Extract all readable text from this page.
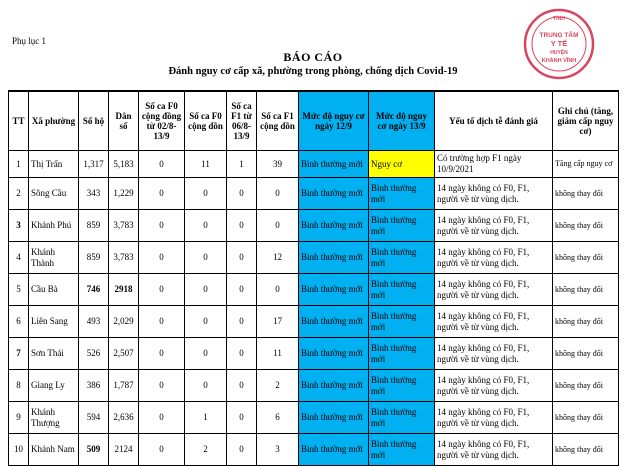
Phụ lục 1
TỈNH
TRUNG TÂM
Y TẾ
HUYỆN
KHÁNH VĨNH
BÁO CÁO
Đánh nguy cơ cấp xã, phường trong phòng, chống dịch Covid-19
TT	Xã phường	Số hộ	Dân số	Số ca F0 cộng đồng từ 02/8-13/9	Số ca F0 cộng dồn	Số ca F1 từ 06/8-13/9	Số ca F1 cộng dồn	Mức độ nguy cơ ngày 12/9	Mức độ nguy cơ ngày 13/9	Yếu tố dịch tễ đánh giá	Ghi chú (tăng, giảm cấp nguy cơ)
1	Thị Trấn	1,317	5,183	0	11	1	39	Bình thường mới	Nguy cơ	Có trường hợp F1 ngày 10/9/2021	Tăng cấp nguy cơ
2	Sông Cầu	343	1,229	0	0	0	0	Bình thường mới	Bình thường mới	14 ngày không có F0, F1, người về từ vùng dịch.	không thay đổi
3	Khánh Phú	859	3,783	0	0	0	0	Bình thường mới	Bình thường mới	14 ngày không có F0, F1, người về từ vùng dịch.	không thay đổi
4	Khánh Thành	859	3,783	0	0	0	12	Bình thường mới	Bình thường mới	14 ngày không có F0, F1, người về từ vùng dịch.	không thay đổi
5	Cầu Bà	746	2918	0	0	0	0	Bình thường mới	Bình thường mới	14 ngày không có F0, F1, người về từ vùng dịch.	không thay đổi
6	Liên Sang	493	2,029	0	0	0	17	Bình thường mới	Bình thường mới	14 ngày không có F0, F1, người về từ vùng dịch.	không thay đổi
7	Sơn Thái	526	2,507	0	0	0	11	Bình thường mới	Bình thường mới	14 ngày không có F0, F1, người về từ vùng dịch.	không thay đổi
8	Giang Ly	386	1,787	0	0	0	2	Bình thường mới	Bình thường mới	14 ngày không có F0, F1, người về từ vùng dịch.	không thay đổi
9	Khánh Thượng	594	2,636	0	1	0	6	Bình thường mới	Bình thường mới	14 ngày không có F0, F1, người về từ vùng dịch.	không thay đổi
10	Khánh Nam	509	2124	0	2	0	3	Bình thường mới	Bình thường mới	14 ngày không có F0, F1, người về từ vùng dịch.	không thay đổi
